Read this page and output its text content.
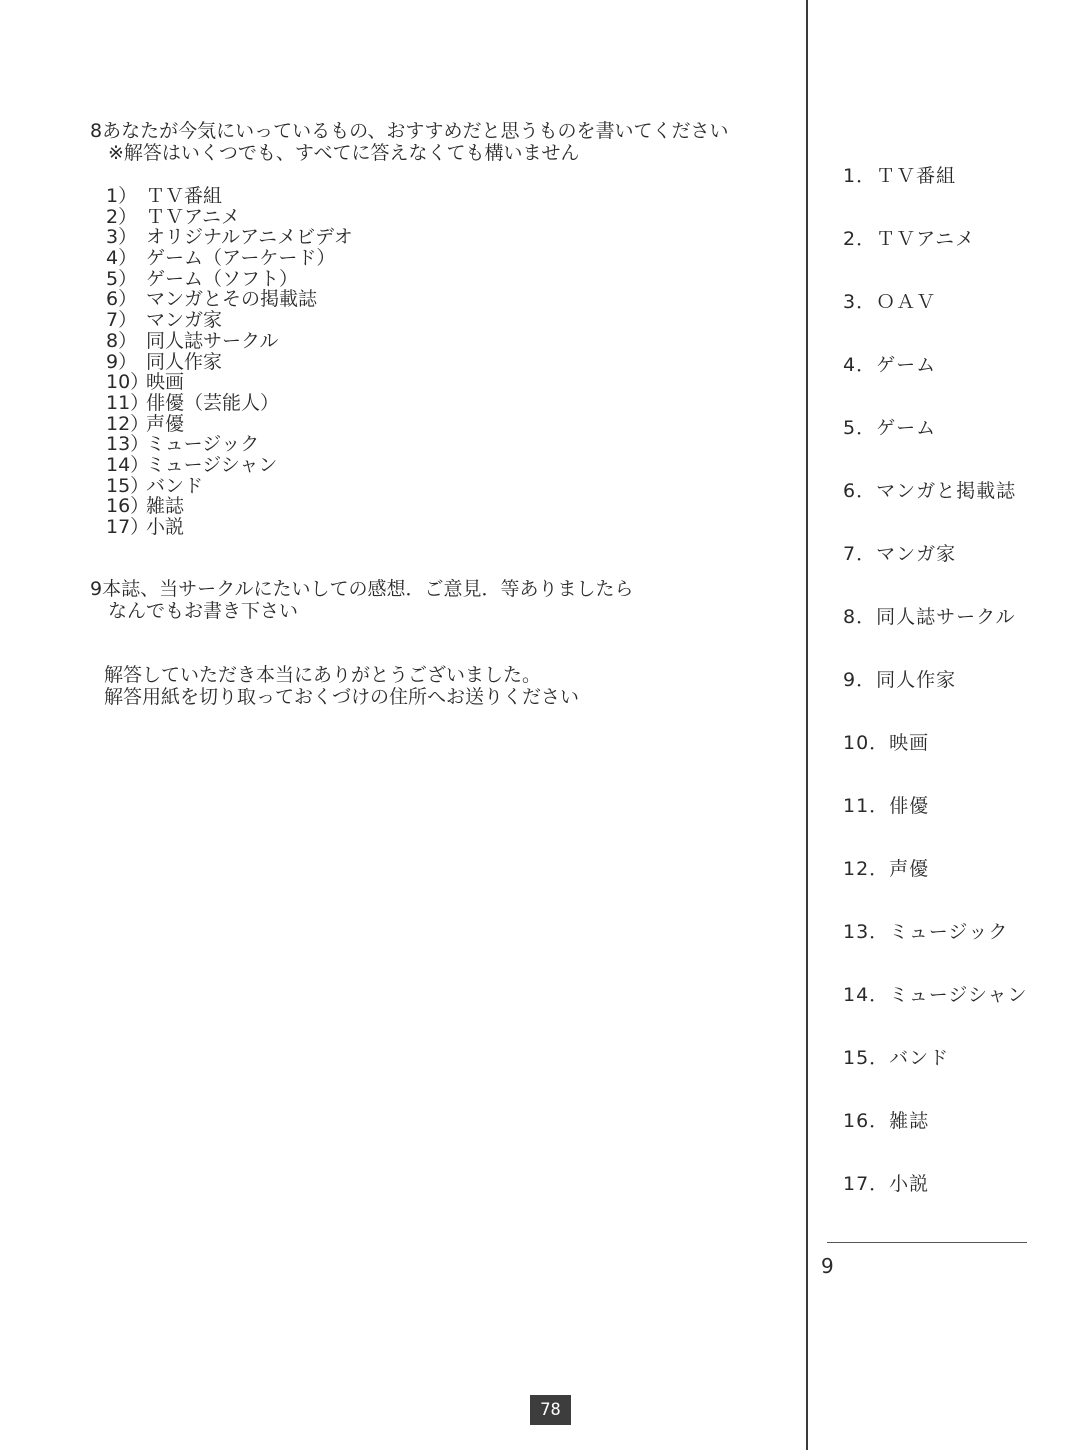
8あなたが今気にいっているもの、おすすめだと思うものを書いてください
※解答はいくつでも、すべてに答えなくても構いません
1） ＴＶ番組
2） ＴＶアニメ
3） オリジナルアニメビデオ
4） ゲーム（アーケード）
5） ゲーム（ソフト）
6） マンガとその掲載誌
7） マンガ家
8） 同人誌サークル
9） 同人作家
10）映画
11）俳優（芸能人）
12）声優
13）ミュージック
14）ミュージシャン
15）バンド
16）雑誌
17）小説
9本誌、当サークルにたいしての感想．ご意見．等ありましたら
なんでもお書き下さい
解答していただき本当にありがとうございました。
解答用紙を切り取っておくづけの住所へお送りください
1．ＴＶ番組
2．ＴＶアニメ
3．ＯＡＶ
4．ゲーム
5．ゲーム
6．マンガと掲載誌
7．マンガ家
8．同人誌サークル
9．同人作家
10．映画
11．俳優
12．声優
13．ミュージック
14．ミュージシャン
15．バンド
16．雑誌
17．小説
9
78
